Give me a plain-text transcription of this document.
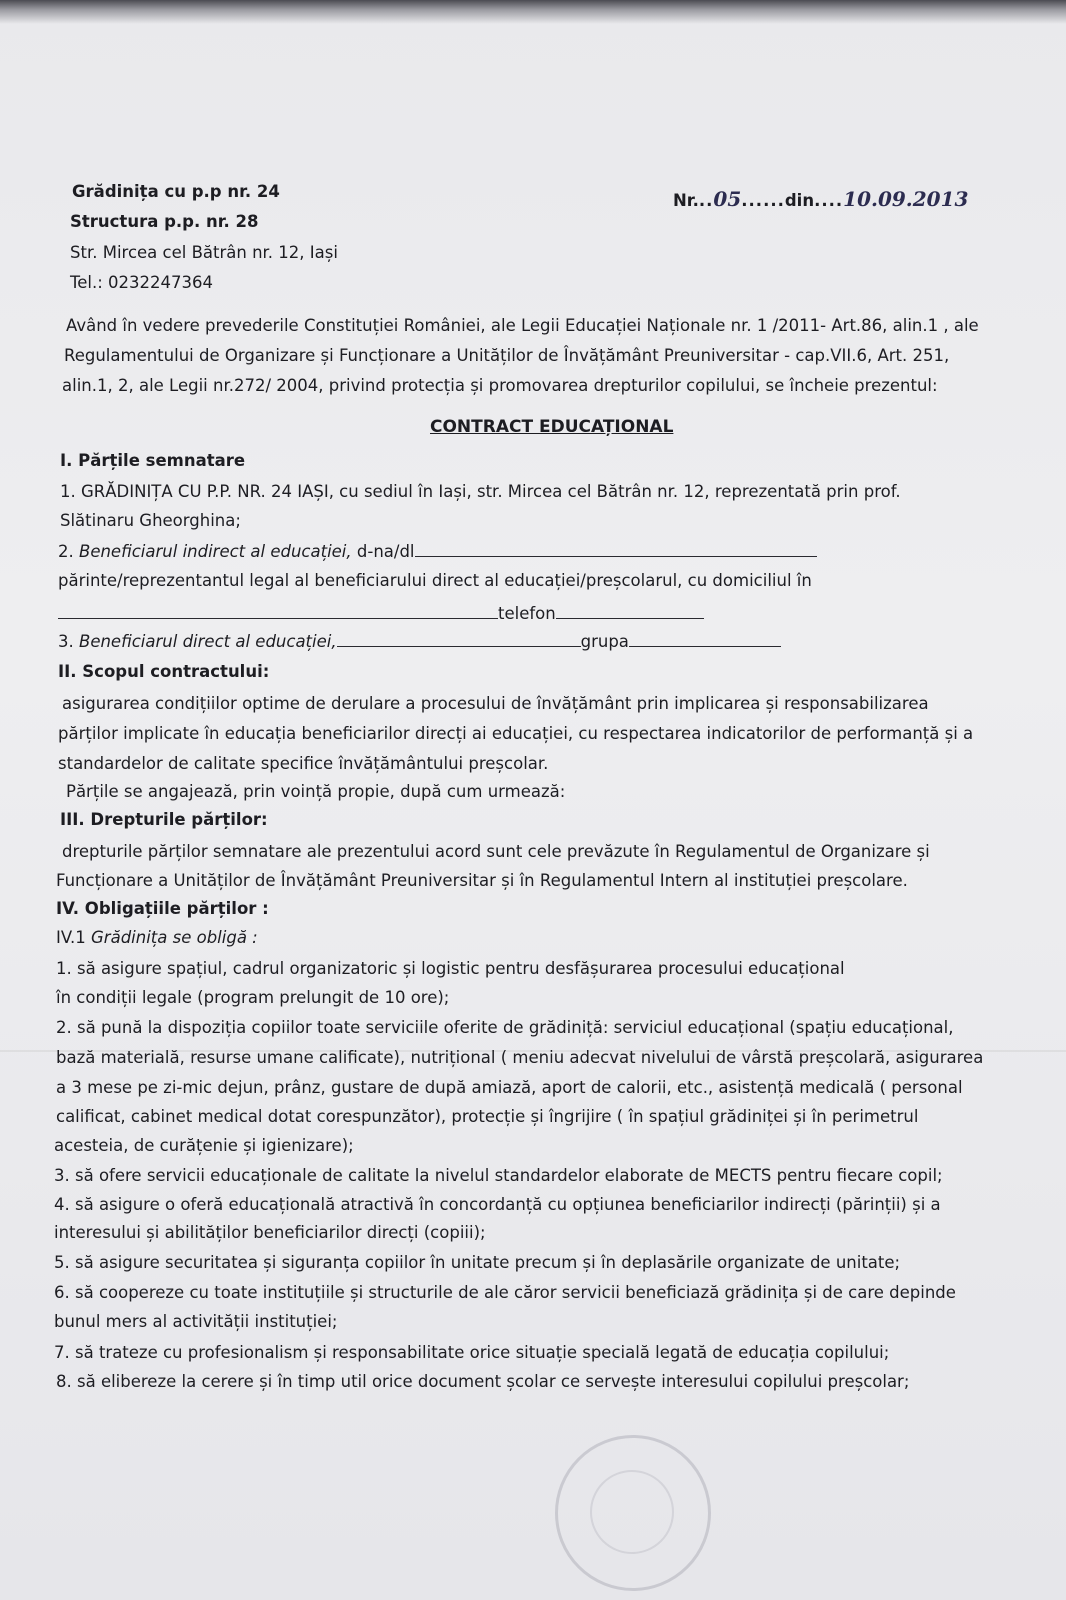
Grădinița cu p.p nr. 24
Structura p.p. nr. 28
Str. Mircea cel Bătrân nr. 12, Iași
Tel.: 0232247364
Nr...05......din....10.09.2013
Având în vedere prevederile Constituției României, ale Legii Educației Naționale nr. 1 /2011- Art.86, alin.1 , ale
Regulamentului de Organizare și Funcționare a Unităților de Învățământ Preuniversitar - cap.VII.6, Art. 251,
alin.1, 2, ale Legii nr.272/ 2004, privind protecția și promovarea drepturilor copilului, se încheie prezentul:
CONTRACT EDUCAȚIONAL
I. Părțile semnatare
1. GRĂDINIȚA CU P.P. NR. 24 IAȘI, cu sediul în Iași, str. Mircea cel Bătrân nr. 12, reprezentată prin prof.
Slătinaru Gheorghina;
2. Beneficiarul indirect al educației, d-na/dl
părinte/reprezentantul legal al beneficiarului direct al educației/preșcolarul, cu domiciliul în
telefon
3. Beneficiarul direct al educației,	grupa
II. Scopul contractului:
asigurarea condițiilor optime de derulare a procesului de învățământ prin implicarea și responsabilizarea
părților implicate în educația beneficiarilor direcți ai educației, cu respectarea indicatorilor de performanță și a
standardelor de calitate specifice învățământului preșcolar.
Părțile se angajează, prin voință propie, după cum urmează:
III. Drepturile părților:
drepturile părților semnatare ale prezentului acord sunt cele prevăzute în Regulamentul de Organizare și
Funcționare a Unităților de Învățământ Preuniversitar și în Regulamentul Intern al instituției preșcolare.
IV. Obligațiile părților :
IV.1 Grădinița se obligă :
1. să asigure spațiul, cadrul organizatoric și logistic pentru desfășurarea procesului educațional
în condiții legale (program prelungit de 10 ore);
2. să pună la dispoziția copiilor toate serviciile oferite de grădiniță: serviciul educațional (spațiu educațional,
bază materială, resurse umane calificate), nutrițional ( meniu adecvat nivelului de vârstă preșcolară, asigurarea
a 3 mese pe zi-mic dejun, prânz, gustare de după amiază, aport de calorii, etc., asistență medicală ( personal
calificat, cabinet medical dotat corespunzător), protecție și îngrijire ( în spațiul grădiniței și în perimetrul
acesteia, de curățenie și igienizare);
3. să ofere servicii educaționale de calitate la nivelul standardelor elaborate de MECTS pentru fiecare copil;
4. să asigure o oferă educațională atractivă în concordanță cu opțiunea beneficiarilor indirecți (părinții) și a
interesului și abilităților beneficiarilor direcți (copiii);
5. să asigure securitatea și siguranța copiilor în unitate precum și în deplasările organizate de unitate;
6. să coopereze cu toate instituțiile și structurile de ale căror servicii beneficiază grădinița și de care depinde
bunul mers al activității instituției;
7. să trateze cu profesionalism și responsabilitate orice situație specială legată de educația copilului;
8. să elibereze la cerere și în timp util orice document școlar ce servește interesului copilului preșcolar;
